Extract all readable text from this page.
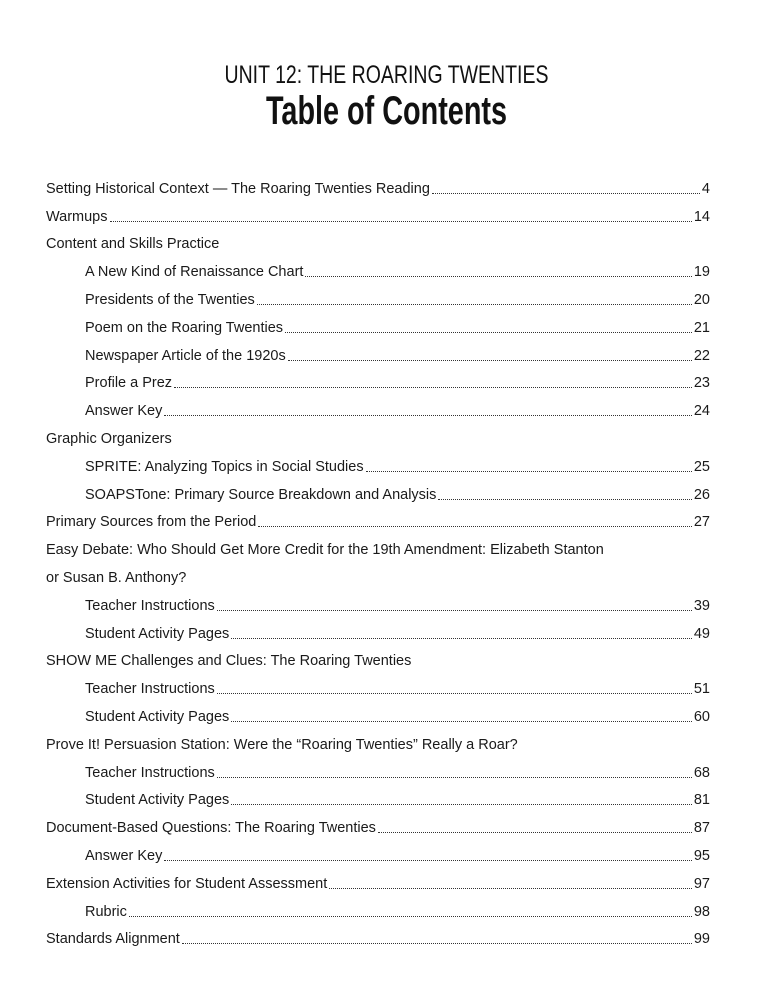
UNIT 12: THE ROARING TWENTIES
Table of Contents
Setting Historical Context — The Roaring Twenties Reading	4
Warmups	14
Content and Skills Practice
A New Kind of Renaissance Chart	19
Presidents of the Twenties	20
Poem on the Roaring Twenties	21
Newspaper Article of the 1920s	22
Profile a Prez	23
Answer Key	24
Graphic Organizers
SPRITE: Analyzing Topics in Social Studies	25
SOAPSTone: Primary Source Breakdown and Analysis	26
Primary Sources from the Period	27
Easy Debate: Who Should Get More Credit for the 19th Amendment: Elizabeth Stanton
or Susan B. Anthony?
Teacher Instructions	39
Student Activity Pages	49
SHOW ME Challenges and Clues: The Roaring Twenties
Teacher Instructions	51
Student Activity Pages	60
Prove It! Persuasion Station: Were the “Roaring Twenties” Really a Roar?
Teacher Instructions	68
Student Activity Pages	81
Document-Based Questions: The Roaring Twenties	87
Answer Key	95
Extension Activities for Student Assessment	97
Rubric	98
Standards Alignment	99
